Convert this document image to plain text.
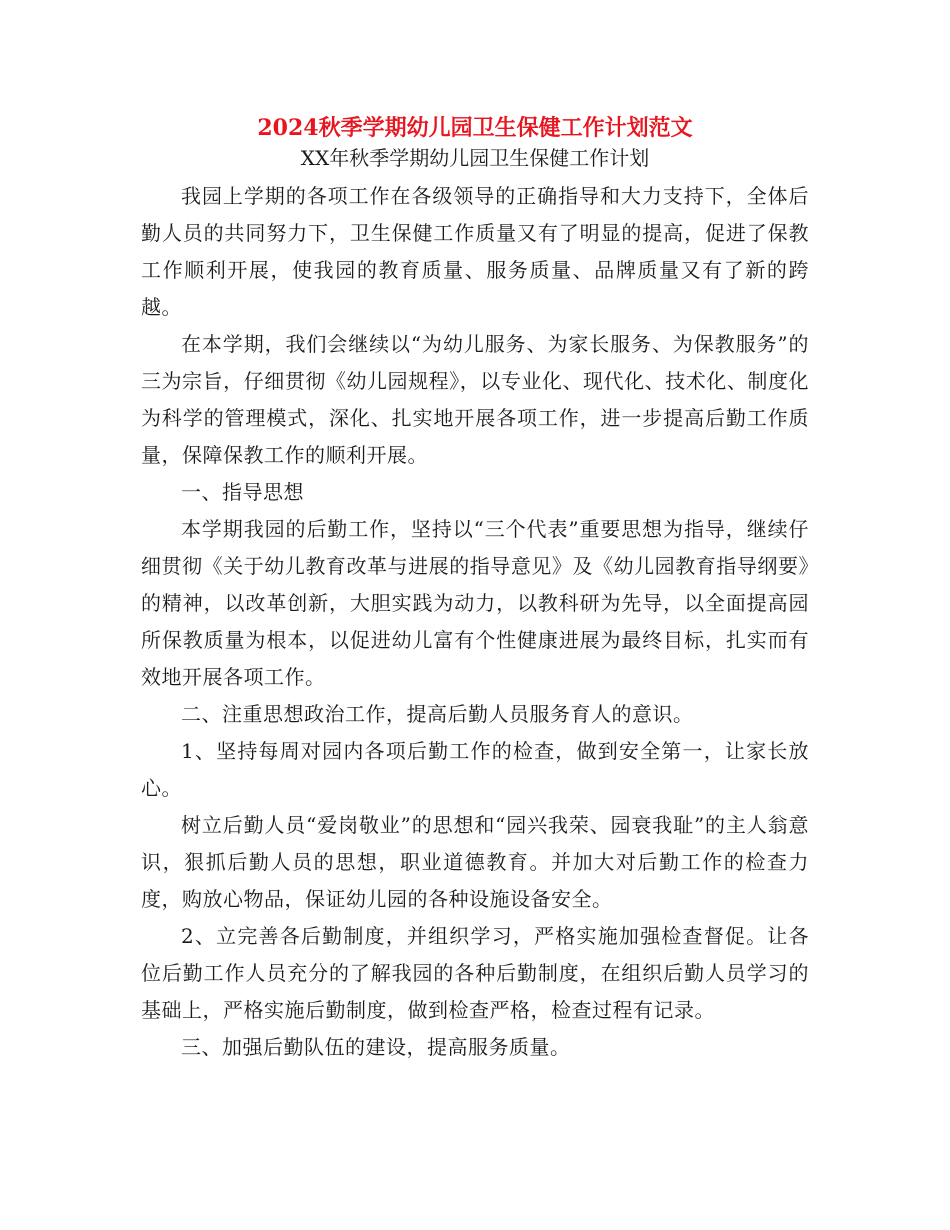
2024秋季学期幼儿园卫生保健工作计划范文

XX年秋季学期幼儿园卫生保健工作计划

我园上学期的各项工作在各级领导的正确指导和大力支持下，全体后勤人员的共同努力下，卫生保健工作质量又有了明显的提高，促进了保教工作顺利开展，使我园的教育质量、服务质量、品牌质量又有了新的跨越。

在本学期，我们会继续以“为幼儿服务、为家长服务、为保教服务”的三为宗旨，仔细贯彻《幼儿园规程》，以专业化、现代化、技术化、制度化为科学的管理模式，深化、扎实地开展各项工作，进一步提高后勤工作质量，保障保教工作的顺利开展。

一、指导思想

本学期我园的后勤工作，坚持以“三个代表”重要思想为指导，继续仔细贯彻《关于幼儿教育改革与进展的指导意见》及《幼儿园教育指导纲要》的精神，以改革创新，大胆实践为动力，以教科研为先导，以全面提高园所保教质量为根本，以促进幼儿富有个性健康进展为最终目标，扎实而有效地开展各项工作。

二、注重思想政治工作，提高后勤人员服务育人的意识。

1、坚持每周对园内各项后勤工作的检查，做到安全第一，让家长放心。

树立后勤人员“爱岗敬业”的思想和“园兴我荣、园衰我耻”的主人翁意识，狠抓后勤人员的思想，职业道德教育。并加大对后勤工作的检查力度，购放心物品，保证幼儿园的各种设施设备安全。

2、立完善各后勤制度，并组织学习，严格实施加强检查督促。让各位后勤工作人员充分的了解我园的各种后勤制度，在组织后勤人员学习的基础上，严格实施后勤制度，做到检查严格，检查过程有记录。

三、加强后勤队伍的建设，提高服务质量。
